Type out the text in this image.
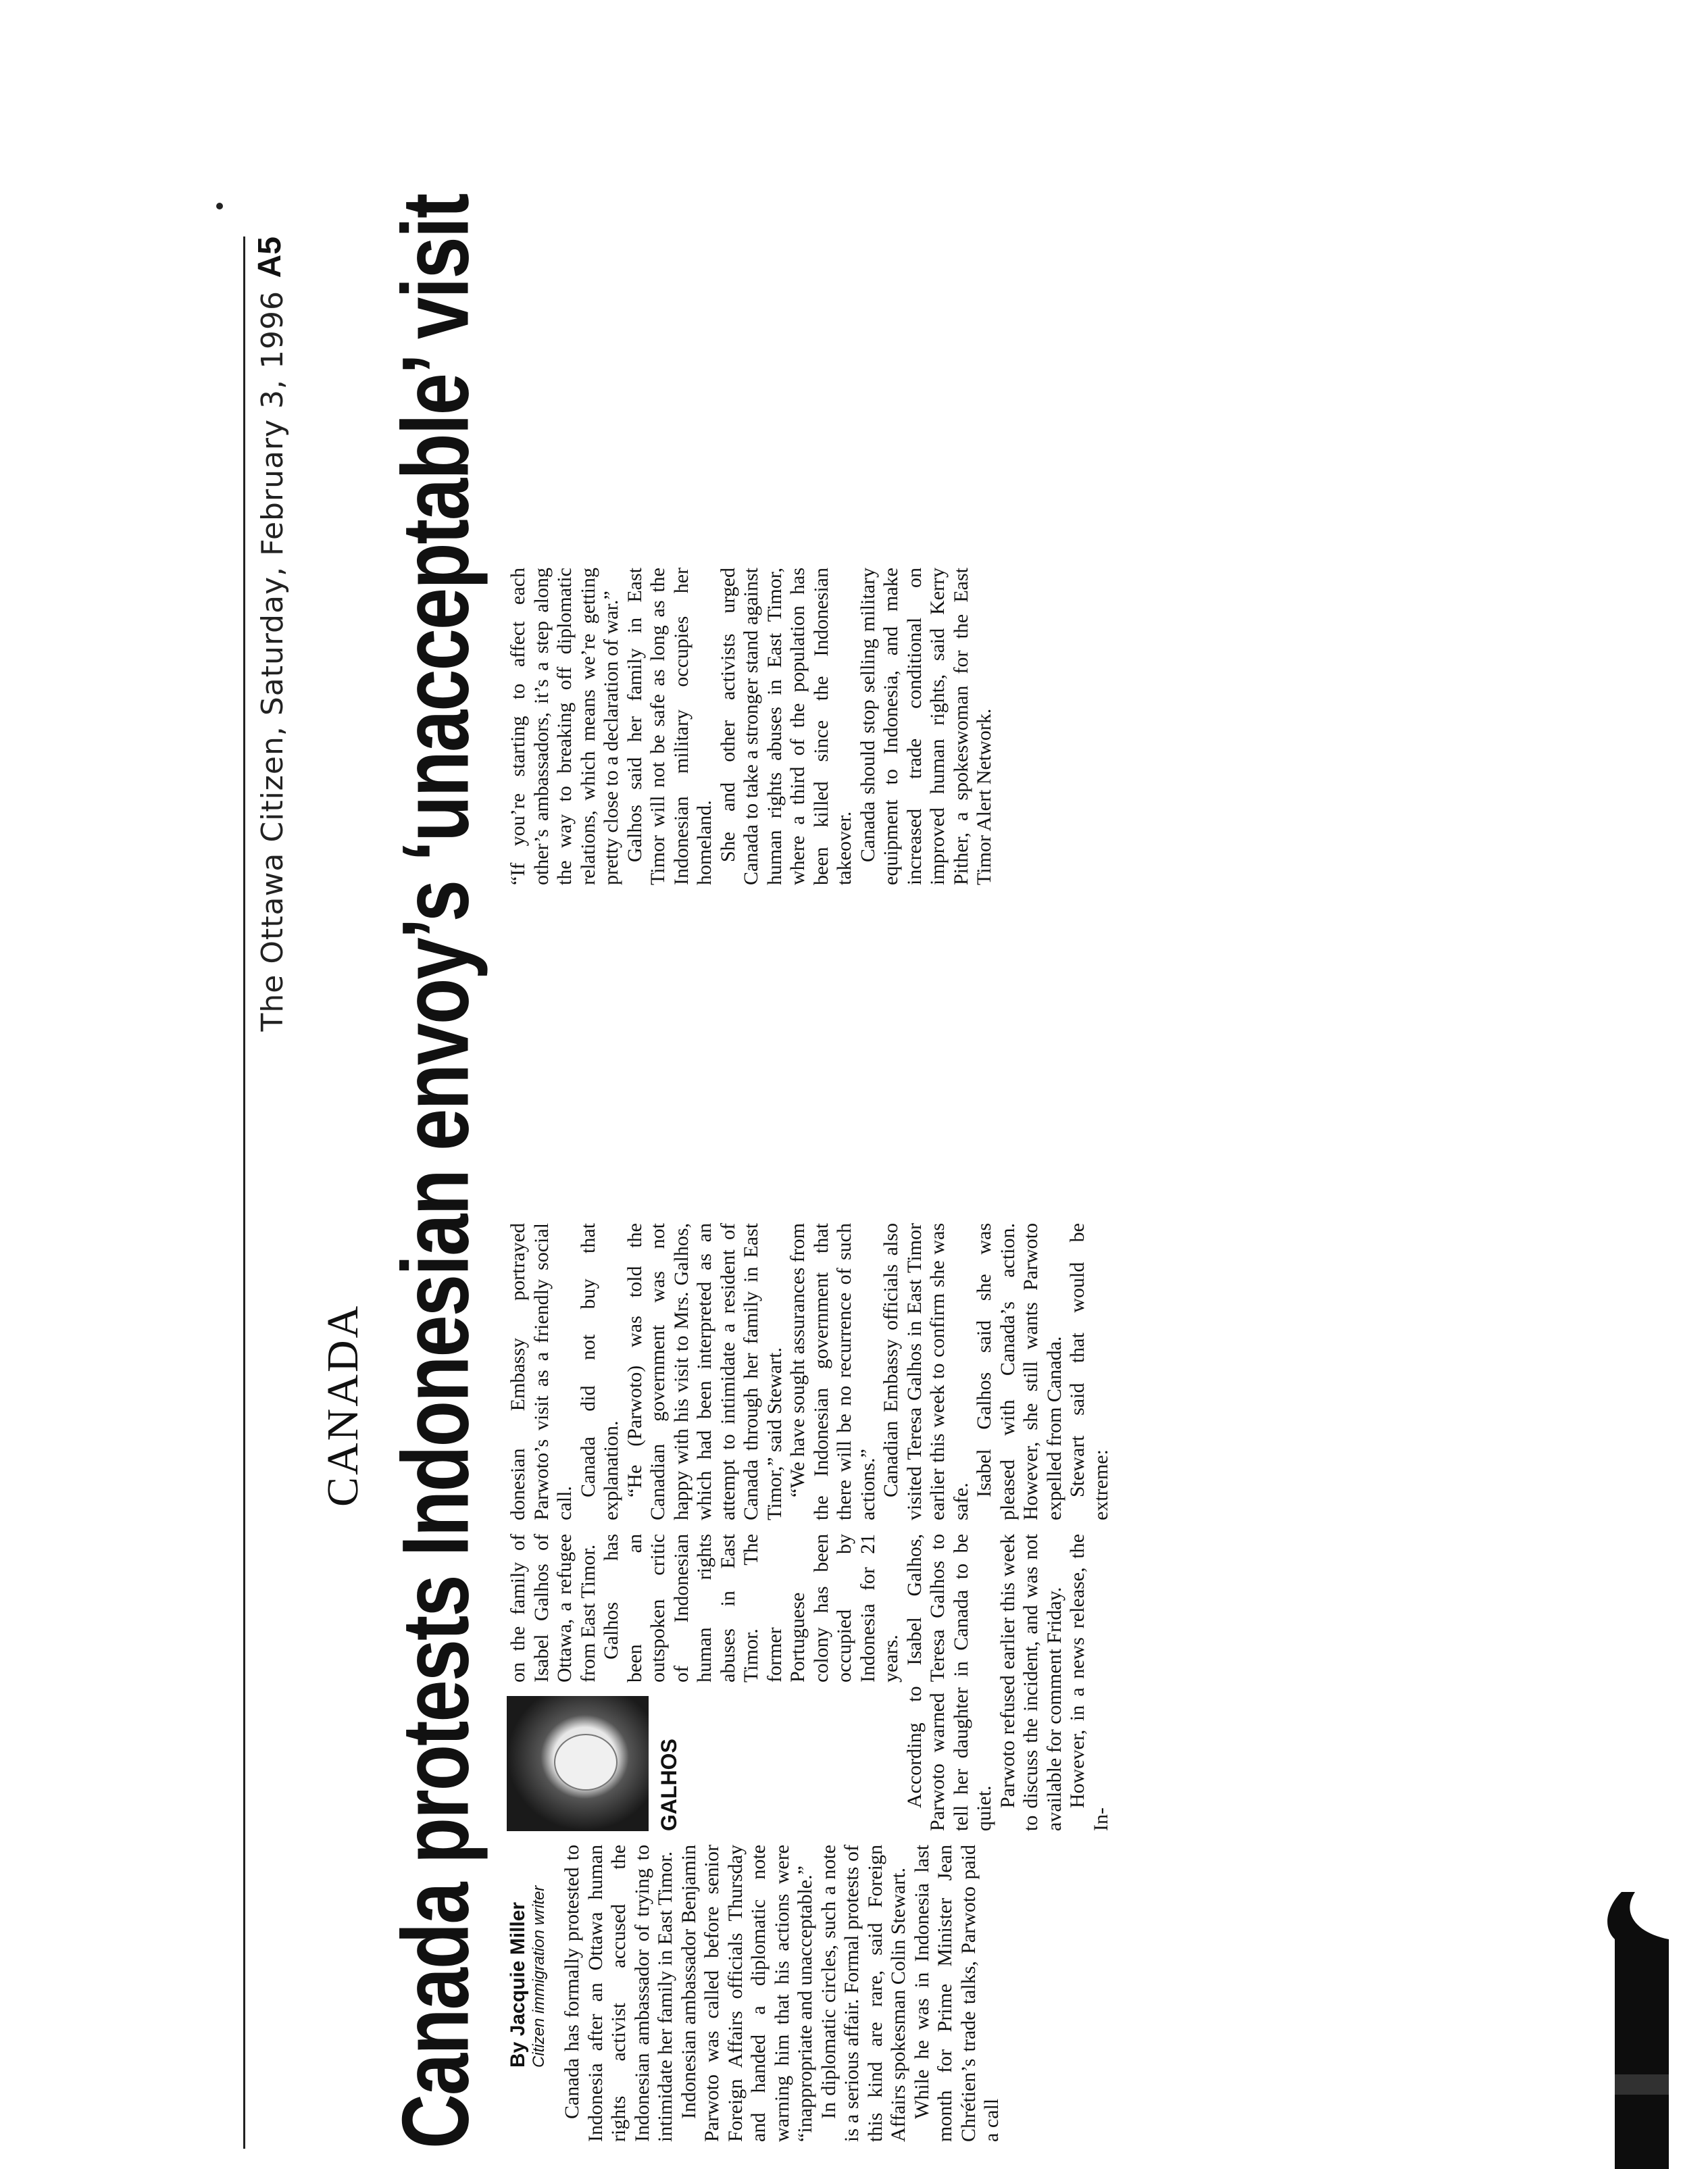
The Ottawa Citizen, Saturday, February 3, 1996
A5
CANADA Canada protests Indonesian envoy’s ‘unacceptable’ visit By Jacquie Miller Citizen immigration writer Canada has formally protested to Indonesia after an Ottawa human rights activist accused the Indonesian ambassador of trying to intimidate her family in East Timor. Indonesian ambassador Benjamin Parwoto was called before senior Foreign Affairs officials Thursday and handed a diplomatic note warning him that his actions were “inappropriate and unacceptable.” In diplomatic circles, such a note is a serious affair. Formal protests of this kind are rare, said Foreign Affairs spokesman Colin Stewart. While he was in Indonesia last month for Prime Minister Jean Chrétien’s trade talks, Parwoto paid a call

GALHOS

on the family of Isabel Galhos of Ottawa, a refugee from East Timor. Galhos has been an outspoken critic of Indonesian human rights abuses in East Timor. The former Portuguese colony has been occupied by Indonesia for 21 years. According to Isabel Galhos, Parwoto warned Teresa Galhos to tell her daughter in Canada to be quiet.

Parwoto refused earlier this week to discuss the incident, and was not available for comment Friday. However, in a news release, the In-

donesian Embassy portrayed Parwoto’s visit as a friendly social call.

Canada did not buy that explanation. “He (Parwoto) was told the Canadian government was not happy with his visit to Mrs. Galhos, which had been interpreted as an attempt to intimidate a resident of Canada through her family in East Timor,” said Stewart. “We have sought assurances from the Indonesian government that there will be no recurrence of such actions.” Canadian Embassy officials also visited Teresa Galhos in East Timor earlier this week to confirm she was safe.

Isabel Galhos said she was pleased with Canada’s action. However, she still wants Parwoto expelled from Canada. Stewart said that would be extreme:

“If you’re starting to affect each other’s ambassadors, it’s a step along the way to breaking off diplomatic relations, which means we’re getting pretty close to a declaration of war.” Galhos said her family in East Timor will not be safe as long as the Indonesian military occupies her homeland. She and other activists urged Canada to take a stronger stand against human rights abuses in East Timor, where a third of the population has been killed since the Indonesian takeover. Canada should stop selling military equipment to Indonesia, and make increased trade conditional on improved human rights, said Kerry Pither, a spokeswoman for the East Timor Alert Network.
